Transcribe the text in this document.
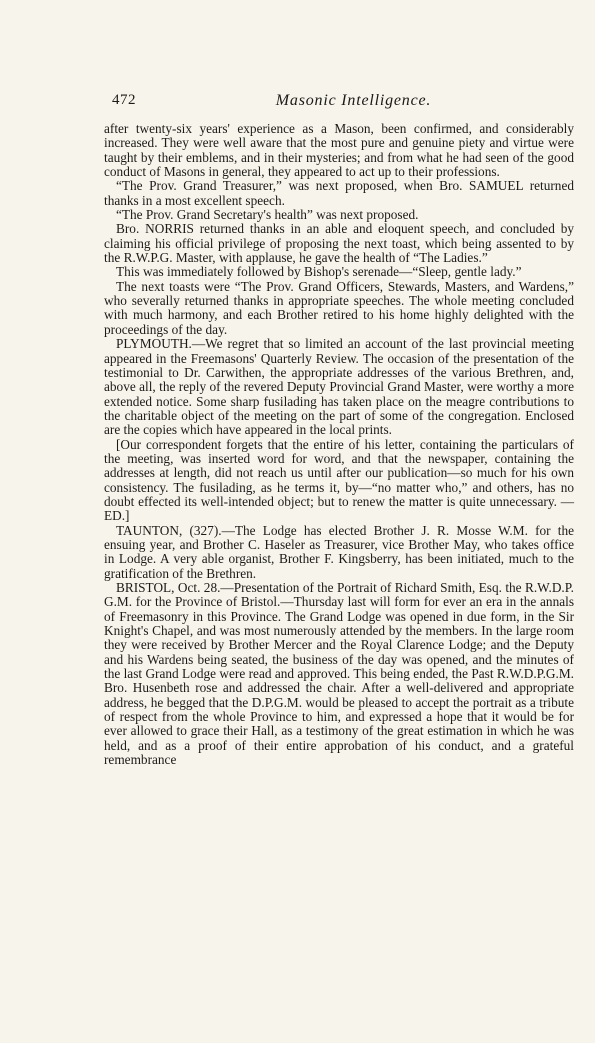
472	Masonic Intelligence.

after twenty-six years' experience as a Mason, been confirmed, and considerably increased. They were well aware that the most pure and genuine piety and virtue were taught by their emblems, and in their mysteries; and from what he had seen of the good conduct of Masons in general, they appeared to act up to their professions.

“The Prov. Grand Treasurer,” was next proposed, when Bro. SAMUEL returned thanks in a most excellent speech.

“The Prov. Grand Secretary's health” was next proposed.

Bro. NORRIS returned thanks in an able and eloquent speech, and concluded by claiming his official privilege of proposing the next toast, which being assented to by the R.W.P.G. Master, with applause, he gave the health of “The Ladies.”

This was immediately followed by Bishop's serenade—“Sleep, gentle lady.”

The next toasts were “The Prov. Grand Officers, Stewards, Masters, and Wardens,” who severally returned thanks in appropriate speeches. The whole meeting concluded with much harmony, and each Brother retired to his home highly delighted with the proceedings of the day.

PLYMOUTH.—We regret that so limited an account of the last provincial meeting appeared in the Freemasons' Quarterly Review. The occasion of the presentation of the testimonial to Dr. Carwithen, the appropriate addresses of the various Brethren, and, above all, the reply of the revered Deputy Provincial Grand Master, were worthy a more extended notice. Some sharp fusilading has taken place on the meagre contributions to the charitable object of the meeting on the part of some of the congregation. Enclosed are the copies which have appeared in the local prints.

[Our correspondent forgets that the entire of his letter, containing the particulars of the meeting, was inserted word for word, and that the newspaper, containing the addresses at length, did not reach us until after our publication—so much for his own consistency. The fusilading, as he terms it, by—“no matter who,” and others, has no doubt effected its well-intended object; but to renew the matter is quite unnecessary. —ED.]

TAUNTON, (327).—The Lodge has elected Brother J. R. Mosse W.M. for the ensuing year, and Brother C. Haseler as Treasurer, vice Brother May, who takes office in Lodge. A very able organist, Brother F. Kingsberry, has been initiated, much to the gratification of the Brethren.

BRISTOL, Oct. 28.—Presentation of the Portrait of Richard Smith, Esq. the R.W.D.P. G.M. for the Province of Bristol.—Thursday last will form for ever an era in the annals of Freemasonry in this Province. The Grand Lodge was opened in due form, in the Sir Knight's Chapel, and was most numerously attended by the members. In the large room they were received by Brother Mercer and the Royal Clarence Lodge; and the Deputy and his Wardens being seated, the business of the day was opened, and the minutes of the last Grand Lodge were read and approved. This being ended, the Past R.W.D.P.G.M. Bro. Husenbeth rose and addressed the chair. After a well-delivered and appropriate address, he begged that the D.P.G.M. would be pleased to accept the portrait as a tribute of respect from the whole Province to him, and expressed a hope that it would be for ever allowed to grace their Hall, as a testimony of the great estimation in which he was held, and as a proof of their entire approbation of his conduct, and a grateful remembrance
